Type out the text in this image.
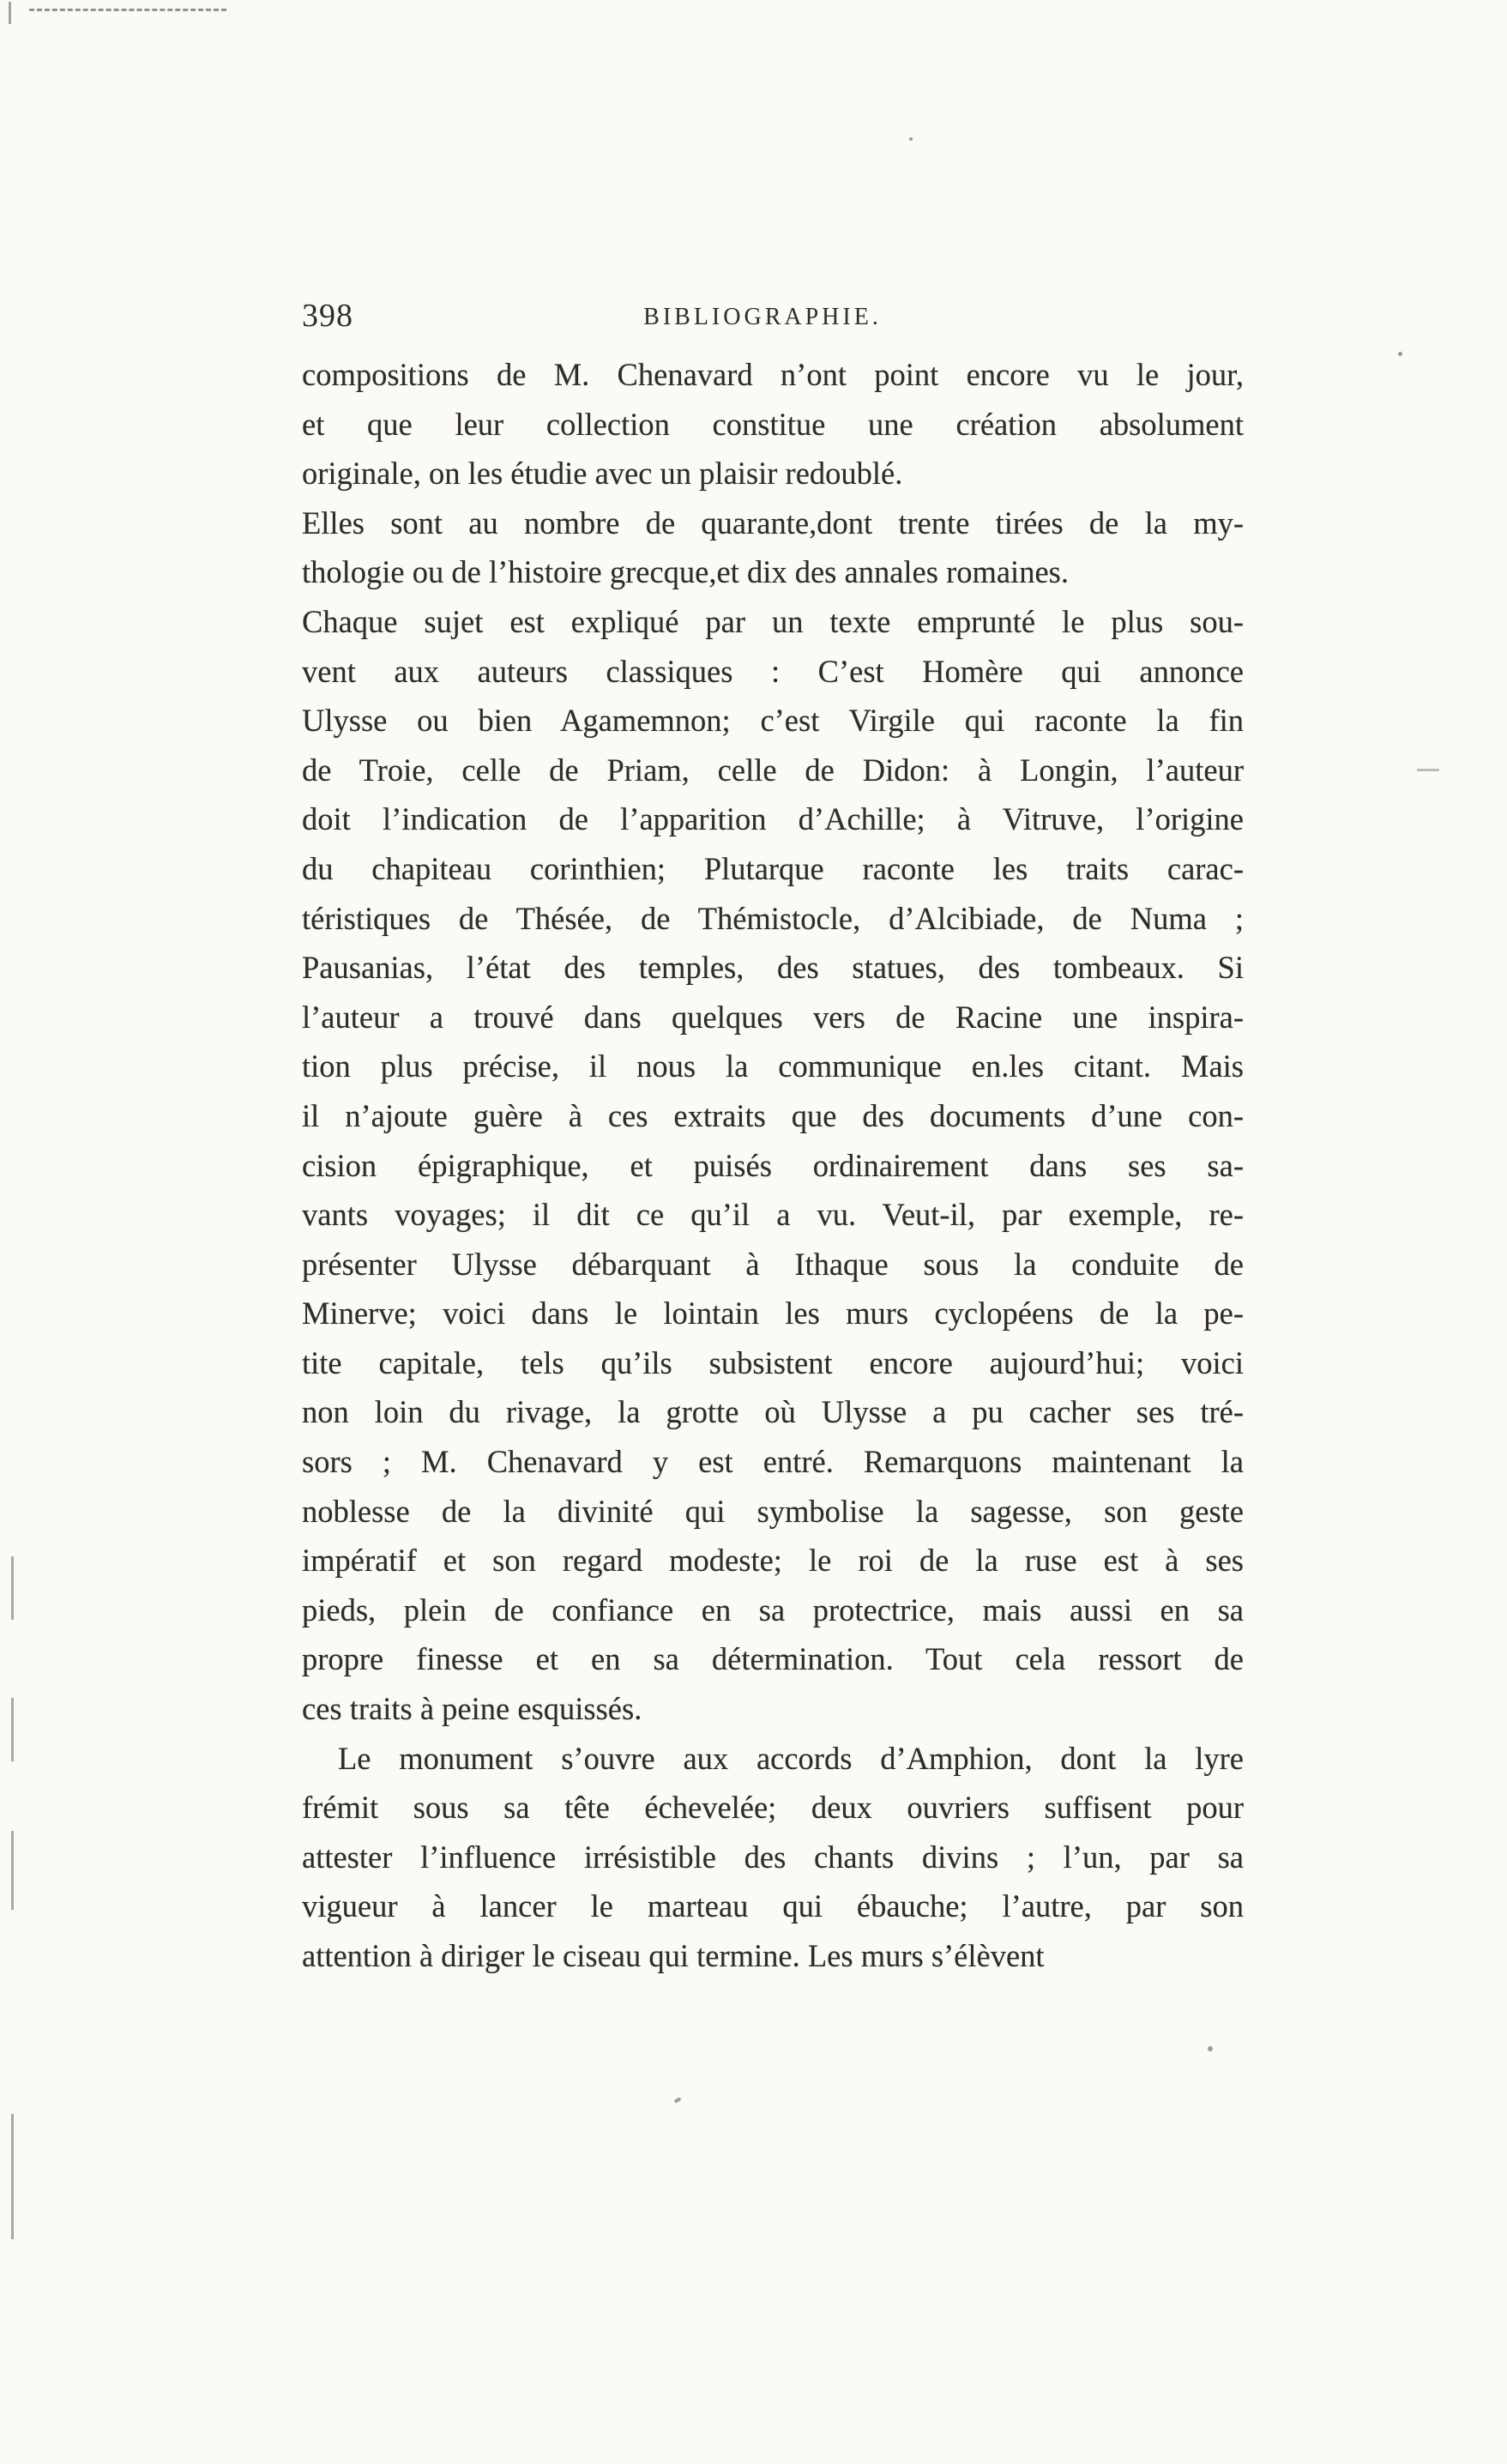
398	BIBLIOGRAPHIE.
compositions de M. Chenavard n’ont point encore vu le jour,
et que leur collection constitue une création absolument
originale, on les étudie avec un plaisir redoublé.
Elles sont au nombre de quarante,dont trente tirées de la my-
thologie ou de l’histoire grecque,et dix des annales romaines.
Chaque sujet est expliqué par un texte emprunté le plus sou-
vent aux auteurs classiques : C’est Homère qui annonce
Ulysse ou bien Agamemnon; c’est Virgile qui raconte la fin
de Troie, celle de Priam, celle de Didon: à Longin, l’auteur
doit l’indication de l’apparition d’Achille; à Vitruve, l’origine
du chapiteau corinthien; Plutarque raconte les traits carac-
téristiques de Thésée, de Thémistocle, d’Alcibiade, de Numa ;
Pausanias, l’état des temples, des statues, des tombeaux. Si
l’auteur a trouvé dans quelques vers de Racine une inspira-
tion plus précise, il nous la communique en.les citant. Mais
il n’ajoute guère à ces extraits que des documents d’une con-
cision épigraphique, et puisés ordinairement dans ses sa-
vants voyages; il dit ce qu’il a vu. Veut-il, par exemple, re-
présenter Ulysse débarquant à Ithaque sous la conduite de
Minerve; voici dans le lointain les murs cyclopéens de la pe-
tite capitale, tels qu’ils subsistent encore aujourd’hui; voici
non loin du rivage, la grotte où Ulysse a pu cacher ses tré-
sors ; M. Chenavard y est entré. Remarquons maintenant la
noblesse de la divinité qui symbolise la sagesse, son geste
impératif et son regard modeste; le roi de la ruse est à ses
pieds, plein de confiance en sa protectrice, mais aussi en sa
propre finesse et en sa détermination. Tout cela ressort de
ces traits à peine esquissés.
Le monument s’ouvre aux accords d’Amphion, dont la lyre
frémit sous sa tête échevelée; deux ouvriers suffisent pour
attester l’influence irrésistible des chants divins ; l’un, par sa
vigueur à lancer le marteau qui ébauche; l’autre, par son
attention à diriger le ciseau qui termine. Les murs s’élèvent
